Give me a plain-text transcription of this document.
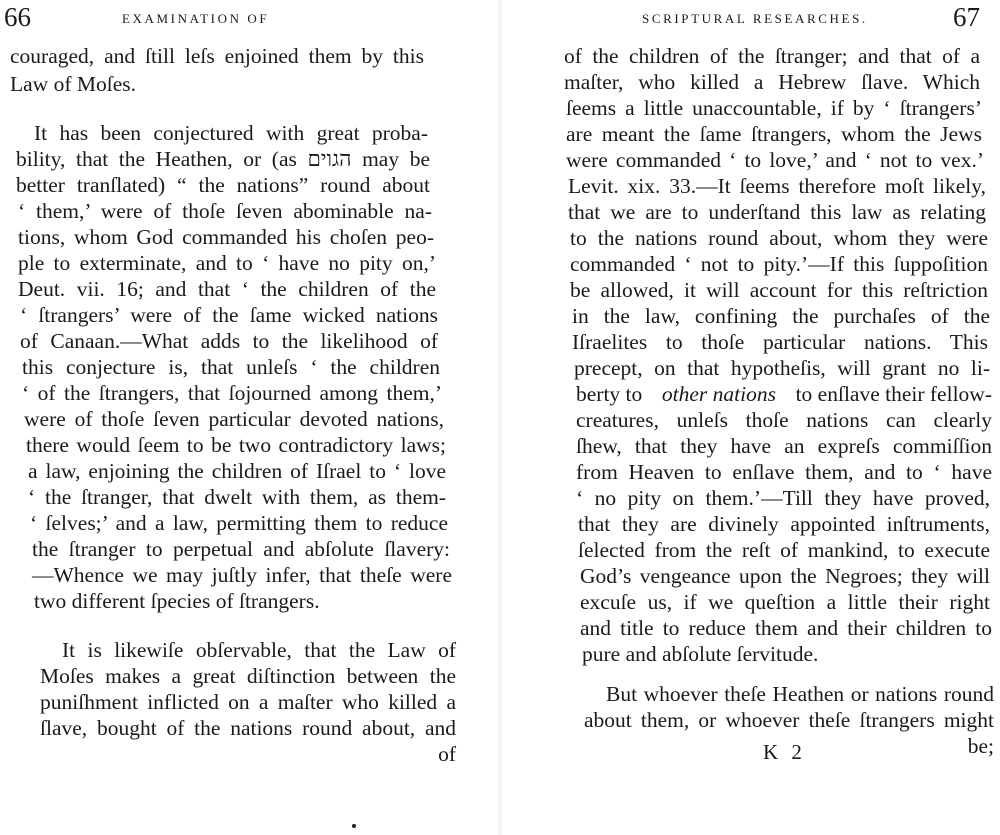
66	EXAMINATION OF
couraged, and ſtill leſs enjoined them by this
Law of Moſes.
It has been conjectured with great proba-
bility, that the Heathen, or (as הגוים may be
better tranſlated) “ the nations” round about
‘ them,’ were of thoſe ſeven abominable na-
tions, whom God commanded his choſen peo-
ple to exterminate, and to ‘ have no pity on,’
Deut. vii. 16; and that ‘ the children of the
‘ ſtrangers’ were of the ſame wicked nations
of Canaan.—What adds to the likelihood of
this conjecture is, that unleſs ‘ the children
‘ of the ſtrangers, that ſojourned among them,’
were of thoſe ſeven particular devoted nations,
there would ſeem to be two contradictory laws;
a law, enjoining the children of Iſrael to ‘ love
‘ the ſtranger, that dwelt with them, as them-
‘ ſelves;’ and a law, permitting them to reduce
the ſtranger to perpetual and abſolute ſlavery:
—Whence we may juſtly infer, that theſe were
two different ſpecies of ſtrangers.
It is likewiſe obſervable, that the Law of
Moſes makes a great diſtinction between the
puniſhment inflicted on a maſter who killed a
ſlave, bought of the nations round about, and
of
67
SCRIPTURAL RESEARCHES.
of the children of the ſtranger; and that of a
maſter, who killed a Hebrew ſlave. Which
ſeems a little unaccountable, if by ‘ ſtrangers’
are meant the ſame ſtrangers, whom the Jews
were commanded ‘ to love,’ and ‘ not to vex.’
Levit. xix. 33.—It ſeems therefore moſt likely,
that we are to underſtand this law as relating
to the nations round about, whom they were
commanded ‘ not to pity.’—If this ſuppoſition
be allowed, it will account for this reſtriction
in the law, confining the purchaſes of the
Iſraelites to thoſe particular nations. This
precept, on that hypotheſis, will grant no li-
berty to other nations to enſlave their fellow-
creatures, unleſs thoſe nations can clearly
ſhew, that they have an expreſs commiſſion
from Heaven to enſlave them, and to ‘ have
‘ no pity on them.’—Till they have proved,
that they are divinely appointed inſtruments,
ſelected from the reſt of mankind, to execute
God’s vengeance upon the Negroes; they will
excuſe us, if we queſtion a little their right
and title to reduce them and their children to
pure and abſolute ſervitude.
But whoever theſe Heathen or nations round
about them, or whoever theſe ſtrangers might
be;
K 2
